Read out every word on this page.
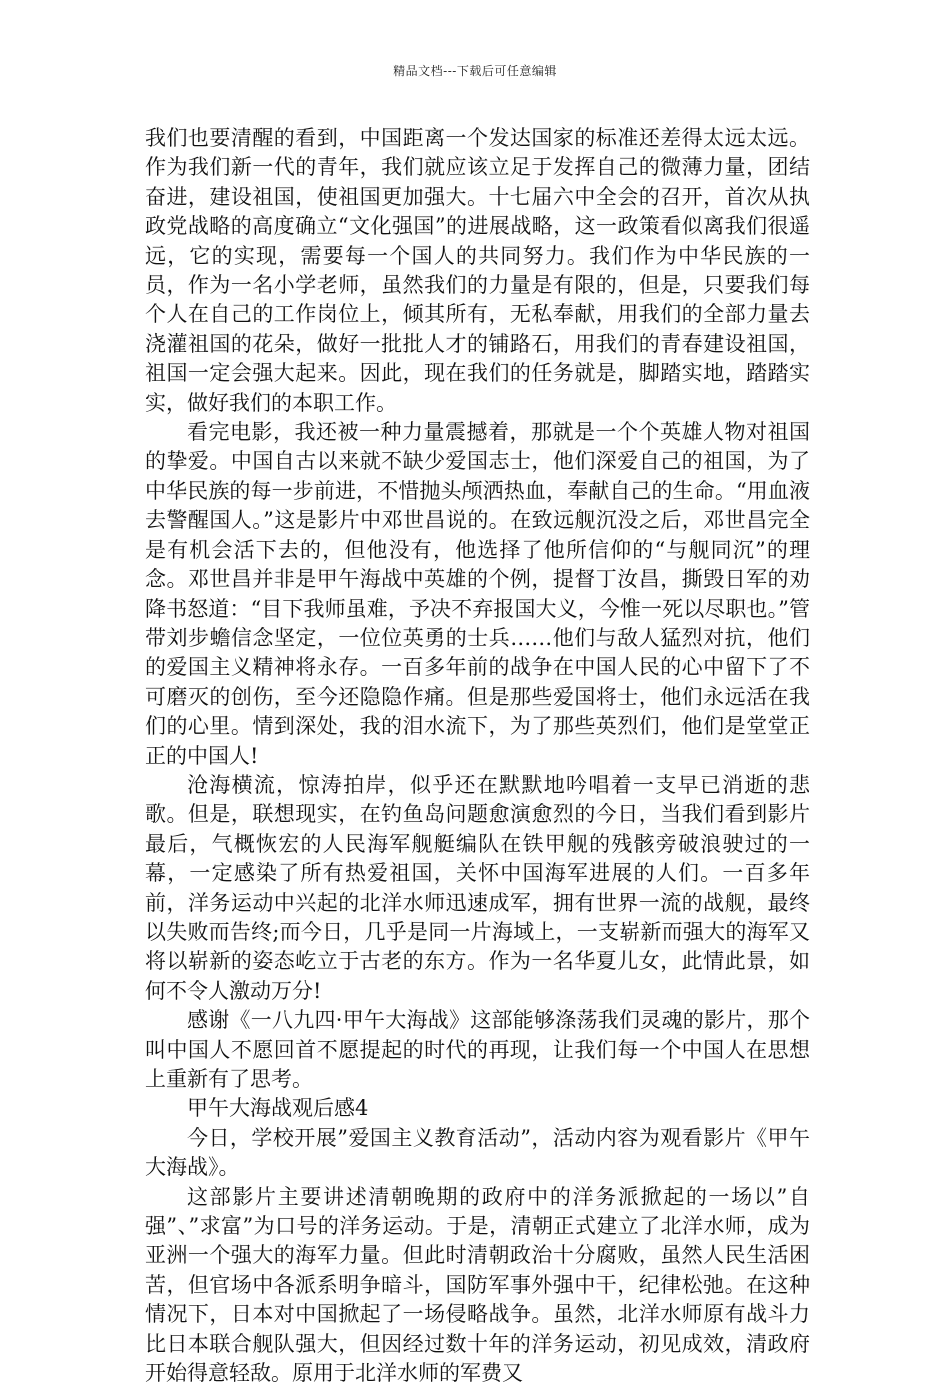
精品文档---下载后可任意编辑

我们也要清醒的看到，中国距离一个发达国家的标准还差得太远太远。作为我们新一代的青年，我们就应该立足于发挥自己的微薄力量，团结奋进，建设祖国，使祖国更加强大。十七届六中全会的召开，首次从执政党战略的高度确立“文化强国”的进展战略，这一政策看似离我们很遥远，它的实现，需要每一个国人的共同努力。我们作为中华民族的一员，作为一名小学老师，虽然我们的力量是有限的，但是，只要我们每个人在自己的工作岗位上，倾其所有，无私奉献，用我们的全部力量去浇灌祖国的花朵，做好一批批人才的铺路石，用我们的青春建设祖国，祖国一定会强大起来。因此，现在我们的任务就是，脚踏实地，踏踏实实，做好我们的本职工作。

看完电影，我还被一种力量震撼着，那就是一个个英雄人物对祖国的挚爱。中国自古以来就不缺少爱国志士，他们深爱自己的祖国，为了中华民族的每一步前进，不惜抛头颅洒热血，奉献自己的生命。“用血液去警醒国人。”这是影片中邓世昌说的。在致远舰沉没之后，邓世昌完全是有机会活下去的，但他没有，他选择了他所信仰的“与舰同沉”的理念。邓世昌并非是甲午海战中英雄的个例，提督丁汝昌，撕毁日军的劝降书怒道：“目下我师虽难，予决不弃报国大义，今惟一死以尽职也。”管带刘步蟾信念坚定，一位位英勇的士兵……他们与敌人猛烈对抗，他们的爱国主义精神将永存。一百多年前的战争在中国人民的心中留下了不可磨灭的创伤，至今还隐隐作痛。但是那些爱国将士，他们永远活在我们的心里。情到深处，我的泪水流下，为了那些英烈们，他们是堂堂正正的中国人!

沧海横流，惊涛拍岸，似乎还在默默地吟唱着一支早已消逝的悲歌。但是，联想现实，在钓鱼岛问题愈演愈烈的今日，当我们看到影片最后，气概恢宏的人民海军舰艇编队在铁甲舰的残骸旁破浪驶过的一幕，一定感染了所有热爱祖国，关怀中国海军进展的人们。一百多年前，洋务运动中兴起的北洋水师迅速成军，拥有世界一流的战舰，最终以失败而告终;而今日，几乎是同一片海域上，一支崭新而强大的海军又将以崭新的姿态屹立于古老的东方。作为一名华夏儿女，此情此景，如何不令人激动万分!

感谢《一八九四·甲午大海战》这部能够涤荡我们灵魂的影片，那个叫中国人不愿回首不愿提起的时代的再现，让我们每一个中国人在思想上重新有了思考。

甲午大海战观后感4

今日，学校开展”爱国主义教育活动”，活动内容为观看影片《甲午大海战》。

这部影片主要讲述清朝晚期的政府中的洋务派掀起的一场以”自强”、”求富”为口号的洋务运动。于是，清朝正式建立了北洋水师，成为亚洲一个强大的海军力量。但此时清朝政治十分腐败，虽然人民生活困苦，但官场中各派系明争暗斗，国防军事外强中干，纪律松弛。在这种情况下，日本对中国掀起了一场侵略战争。虽然，北洋水师原有战斗力比日本联合舰队强大，但因经过数十年的洋务运动，初见成效，清政府开始得意轻敌。原用于北洋水师的军费又
